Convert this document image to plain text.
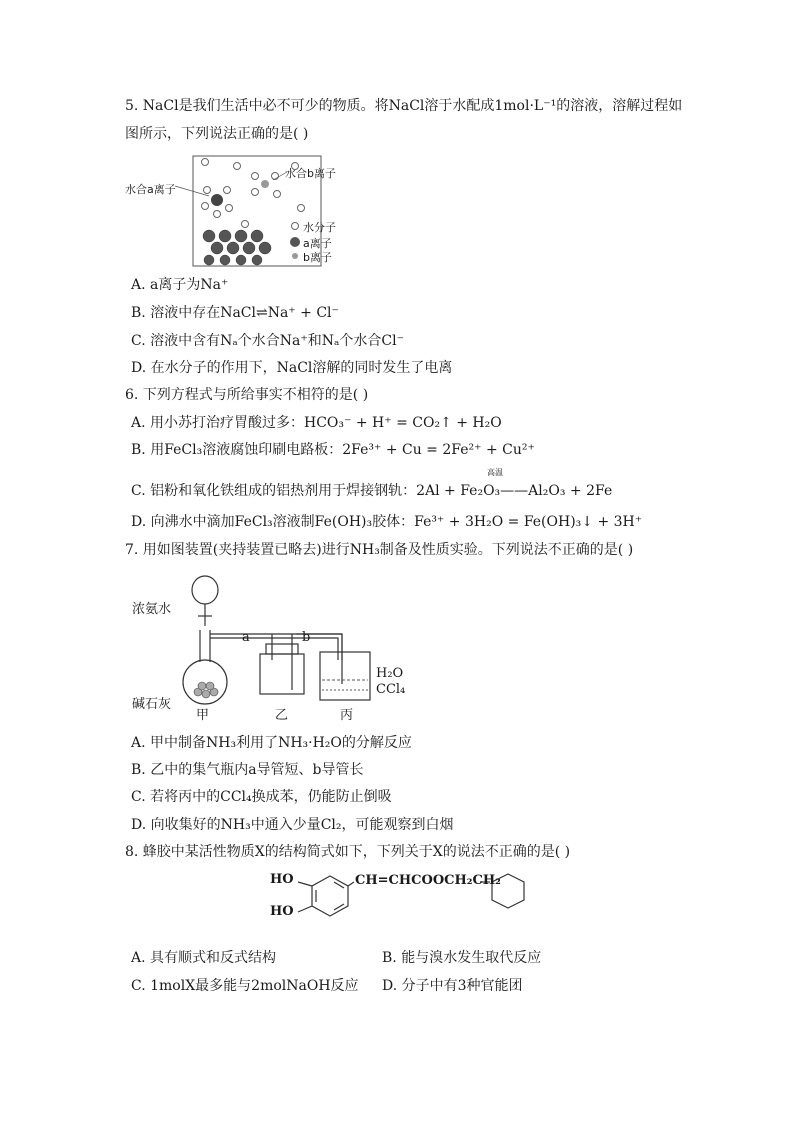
5. NaCl是我们生活中必不可少的物质。将NaCl溶于水配成1mol·L⁻¹的溶液，溶解过程如
图所示，下列说法正确的是( )
水合a离子
水合b离子
水分子
a离子
b离子
A. a离子为Na⁺
B. 溶液中存在NaCl⇌Na⁺ + Cl⁻
C. 溶液中含有Nₐ个水合Na⁺和Nₐ个水合Cl⁻
D. 在水分子的作用下，NaCl溶解的同时发生了电离
6. 下列方程式与所给事实不相符的是( )
A. 用小苏打治疗胃酸过多：HCO₃⁻ + H⁺ = CO₂↑ + H₂O
B. 用FeCl₃溶液腐蚀印刷电路板：2Fe³⁺ + Cu = 2Fe²⁺ + Cu²⁺
高温
C. 铝粉和氧化铁组成的铝热剂用于焊接钢轨：2Al + Fe₂O₃——Al₂O₃ + 2Fe
D. 向沸水中滴加FeCl₃溶液制Fe(OH)₃胶体：Fe³⁺ + 3H₂O = Fe(OH)₃↓ + 3H⁺
7. 用如图装置(夹持装置已略去)进行NH₃制备及性质实验。下列说法不正确的是( )
浓氨水
碱石灰
a	b
H₂O
CCl₄
甲	乙	丙
A. 甲中制备NH₃利用了NH₃·H₂O的分解反应
B. 乙中的集气瓶内a导管短、b导管长
C. 若将丙中的CCl₄换成苯，仍能防止倒吸
D. 向收集好的NH₃中通入少量Cl₂，可能观察到白烟
8. 蜂胶中某活性物质X的结构简式如下，下列关于X的说法不正确的是( )
HO
HO
CH=CHCOOCH₂CH₂
A. 具有顺式和反式结构	B. 能与溴水发生取代反应
C. 1molX最多能与2molNaOH反应 D. 分子中有3种官能团
